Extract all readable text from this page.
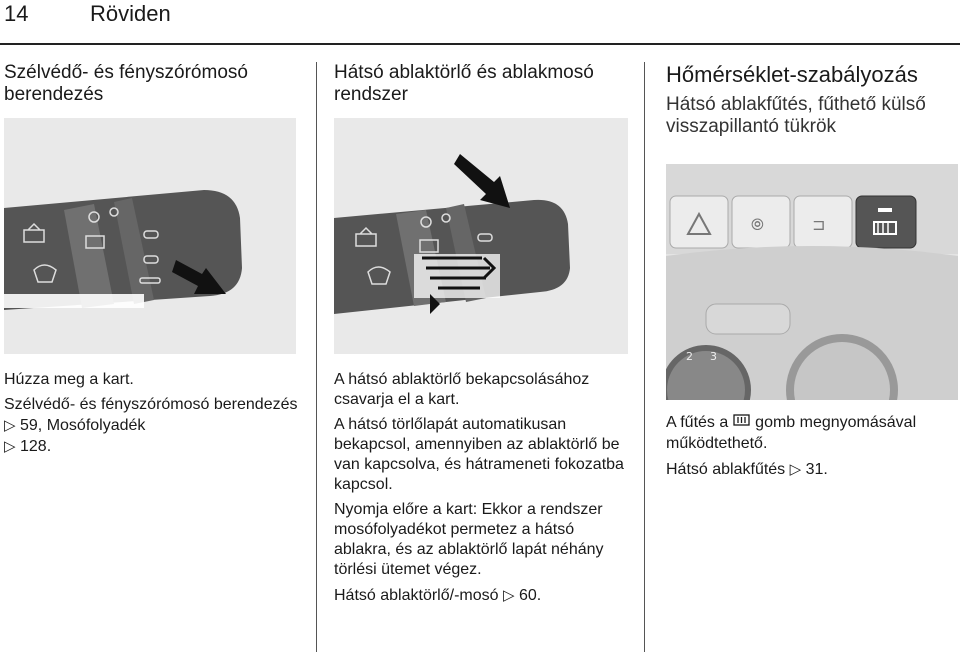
14	Röviden
Szélvédő- és fényszórómosó berendezés

Húzza meg a kart.

Szélvédő- és fényszórómosó berendezés ▷ 59, Mosófolyadék
▷ 128.

Hátsó ablaktörlő és ablakmosó rendszer

A hátsó ablaktörlő bekapcsolásához csavarja el a kart.

A hátsó törlőlapát automatikusan bekapcsol, amennyiben az ablaktörlő be van kapcsolva, és hátrameneti fokozatba kapcsol.

Nyomja előre a kart: Ekkor a rendszer mosófolyadékot permetez a hátsó ablakra, és az ablaktörlő lapát néhány törlési ütemet végez.

Hátsó ablaktörlő/-mosó ▷ 60.

Hőmérséklet-szabályozás
Hátsó ablakfűtés, fűthető külső visszapillantó tükrök
⦾	⊐
2 3

A fűtés a  gomb megnyomásával működtethető.

Hátsó ablakfűtés ▷ 31.
